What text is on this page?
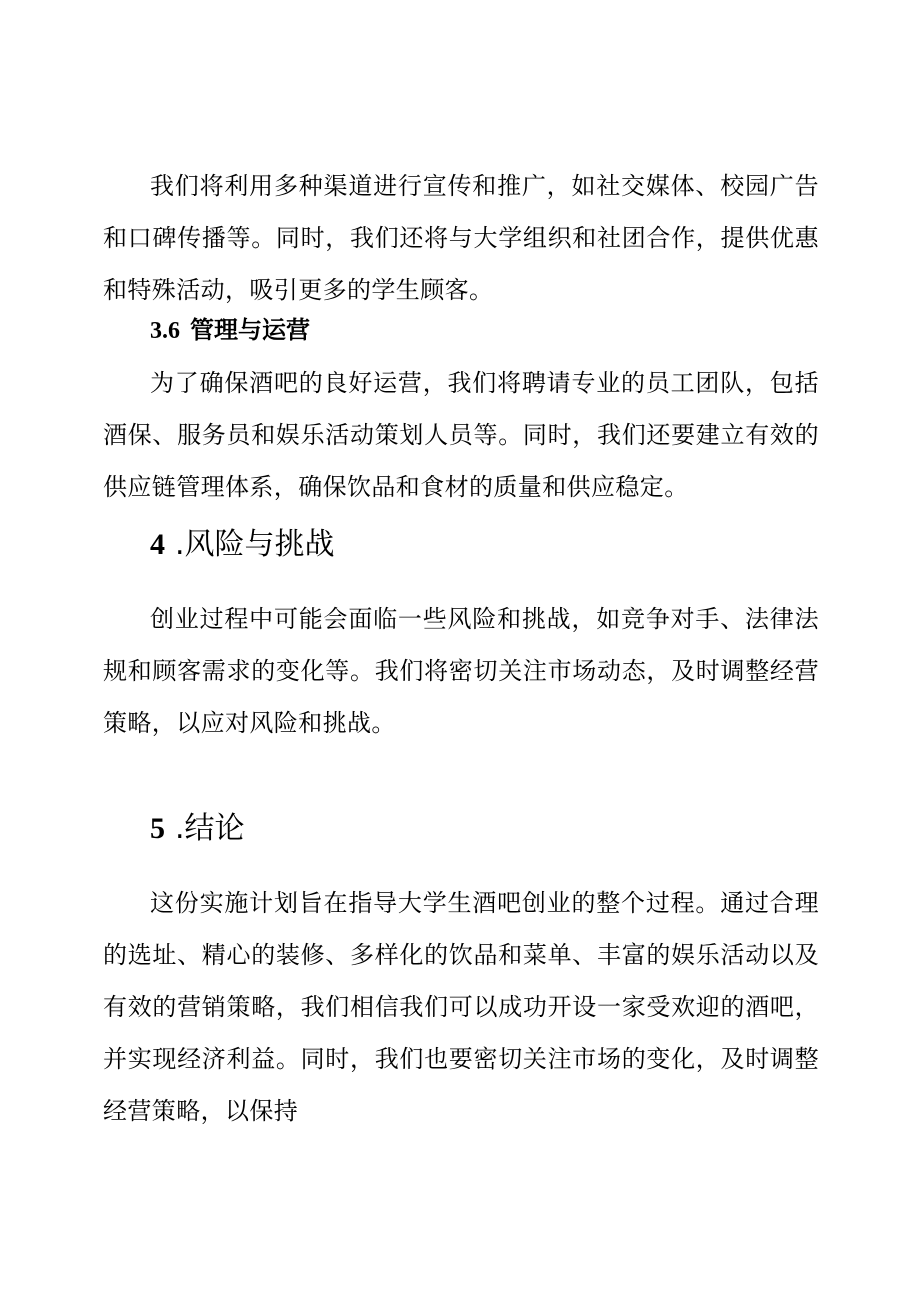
我们将利用多种渠道进行宣传和推广，如社交媒体、校园广告和口碑传播等。同时，我们还将与大学组织和社团合作，提供优惠和特殊活动，吸引更多的学生顾客。

3.6 管理与运营

为了确保酒吧的良好运营，我们将聘请专业的员工团队，包括酒保、服务员和娱乐活动策划人员等。同时，我们还要建立有效的供应链管理体系，确保饮品和食材的质量和供应稳定。

4 .风险与挑战

创业过程中可能会面临一些风险和挑战，如竞争对手、法律法规和顾客需求的变化等。我们将密切关注市场动态，及时调整经营策略，以应对风险和挑战。

5 .结论

这份实施计划旨在指导大学生酒吧创业的整个过程。通过合理的选址、精心的装修、多样化的饮品和菜单、丰富的娱乐活动以及有效的营销策略，我们相信我们可以成功开设一家受欢迎的酒吧，并实现经济利益。同时，我们也要密切关注市场的变化，及时调整经营策略，以保持
